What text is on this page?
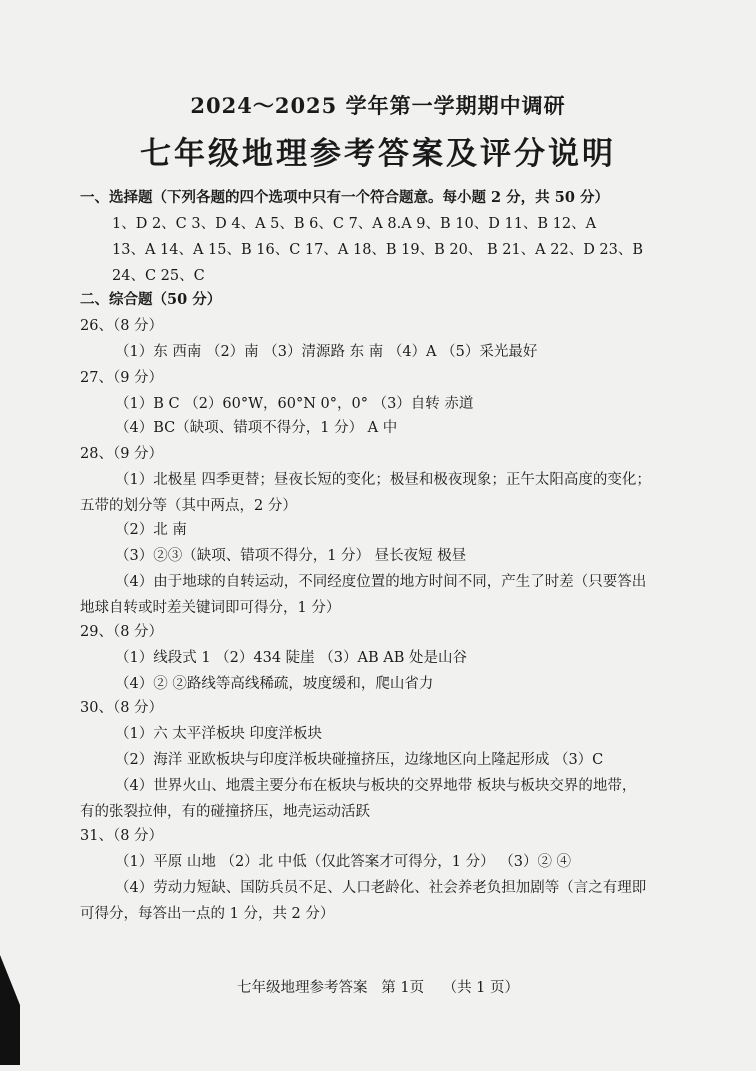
2024～2025 学年第一学期期中调研
七年级地理参考答案及评分说明
一、选择题（下列各题的四个选项中只有一个符合题意。每小题 2 分，共 50 分）
1、D 2、C 3、D 4、A 5、B 6、C 7、A 8.A 9、B 10、D 11、B 12、A
13、A 14、A 15、B 16、C 17、A 18、B 19、B 20、 B 21、A 22、D 23、B
24、C 25、C
二、综合题（50 分）
26、（8 分）
（1）东 西南 （2）南 （3）清源路 东 南 （4）A （5）采光最好
27、（9 分）
（1）B C （2）60°W，60°N 0°，0° （3）自转 赤道
（4）BC（缺项、错项不得分，1 分） A 中
28、（9 分）
（1）北极星 四季更替；昼夜长短的变化；极昼和极夜现象；正午太阳高度的变化；
五带的划分等（其中两点，2 分）
（2）北 南
（3）②③（缺项、错项不得分，1 分） 昼长夜短 极昼
（4）由于地球的自转运动，不同经度位置的地方时间不同，产生了时差（只要答出
地球自转或时差关键词即可得分，1 分）
29、（8 分）
（1）线段式 1 （2）434 陡崖 （3）AB AB 处是山谷
（4）② ②路线等高线稀疏，坡度缓和，爬山省力
30、（8 分）
（1）六 太平洋板块 印度洋板块
（2）海洋 亚欧板块与印度洋板块碰撞挤压，边缘地区向上隆起形成 （3）C
（4）世界火山、地震主要分布在板块与板块的交界地带 板块与板块交界的地带，
有的张裂拉伸，有的碰撞挤压，地壳运动活跃
31、（8 分）
（1）平原 山地 （2）北 中低（仅此答案才可得分，1 分） （3）② ④
（4）劳动力短缺、国防兵员不足、人口老龄化、社会养老负担加剧等（言之有理即
可得分，每答出一点的 1 分，共 2 分）
七年级地理参考答案   第 1页    （共 1 页）
